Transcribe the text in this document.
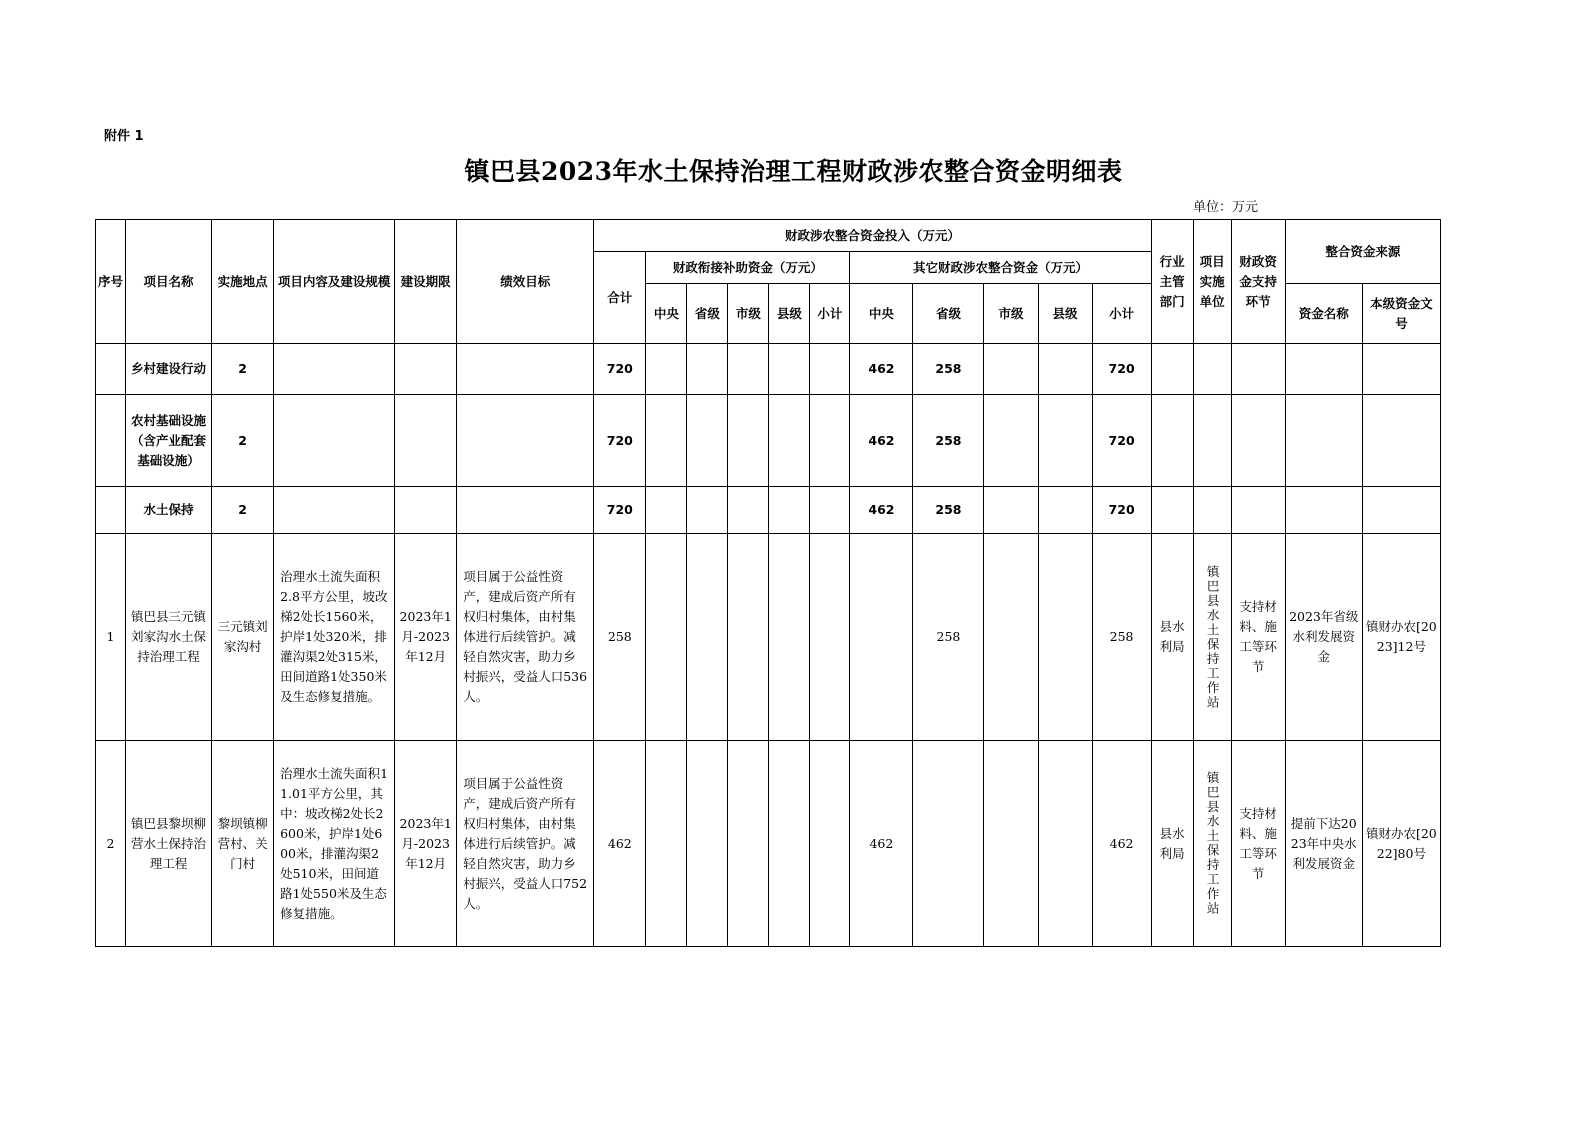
附件 1
镇巴县2023年水土保持治理工程财政涉农整合资金明细表
单位：万元
序号	项目名称	实施地点	项目内容及建设规模	建设期限	绩效目标	财政涉农整合资金投入（万元）											行业主管部门	项目实施单位	财政资金支持环节	整合资金来源	
						合计	财政衔接补助资金（万元）					其它财政涉农整合资金（万元）									
							中央	省级	市级	县级	小计	中央	省级	市级	县级	小计				资金名称	本级资金文号
	乡村建设行动	2				720						462	258			720					
	农村基础设施（含产业配套基础设施）	2				720						462	258			720					
	水土保持	2				720						462	258			720					
1	镇巴县三元镇刘家沟水土保持治理工程	三元镇刘家沟村	治理水土流失面积2.8平方公里，坡改梯2处长1560米，护岸1处320米，排灌沟渠2处315米，田间道路1处350米及生态修复措施。	2023年1月-2023年12月	项目属于公益性资产，建成后资产所有权归村集体，由村集体进行后续管护。减轻自然灾害，助力乡村振兴，受益人口536人。	258							258			258	县水利局	镇巴县水土保持工作站	支持材料、施工等环节	2023年省级水利发展资金	镇财办农[2023]12号
2	镇巴县黎坝柳营水土保持治理工程	黎坝镇柳营村、关门村	治理水土流失面积11.01平方公里，其中：坡改梯2处长2600米，护岸1处600米，排灌沟渠2处510米，田间道路1处550米及生态修复措施。	2023年1月-2023年12月	项目属于公益性资产，建成后资产所有权归村集体，由村集体进行后续管护。减轻自然灾害，助力乡村振兴，受益人口752人。	462						462				462	县水利局	镇巴县水土保持工作站	支持材料、施工等环节	提前下达2023年中央水利发展资金	镇财办农[2022]80号
